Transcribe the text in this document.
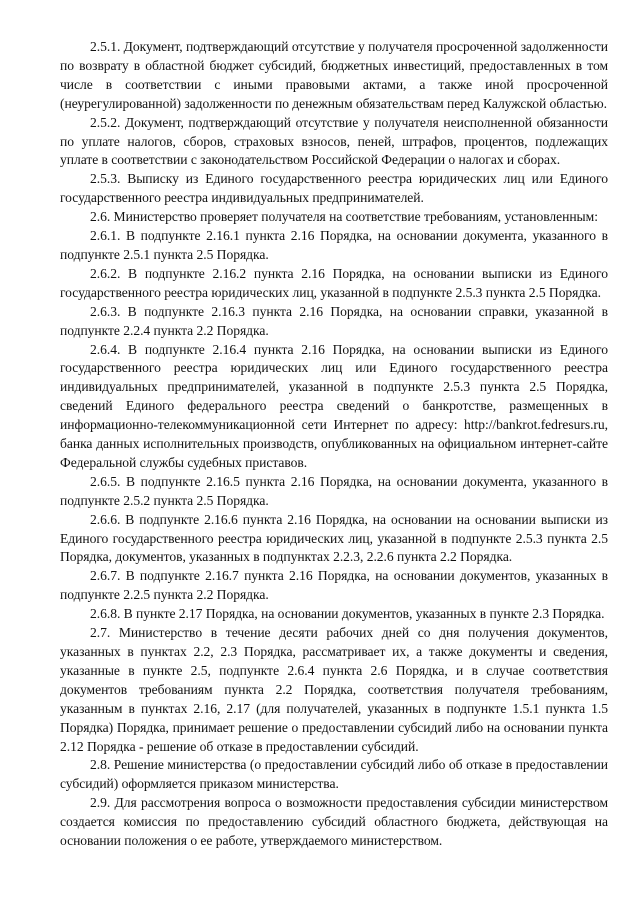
2.5.1. Документ, подтверждающий отсутствие у получателя просроченной задолженности по возврату в областной бюджет субсидий, бюджетных инвестиций, предоставленных в том числе в соответствии с иными правовыми актами, а также иной просроченной (неурегулированной) задолженности по денежным обязательствам перед Калужской областью.

2.5.2. Документ, подтверждающий отсутствие у получателя неисполненной обязанности по уплате налогов, сборов, страховых взносов, пеней, штрафов, процентов, подлежащих уплате в соответствии с законодательством Российской Федерации о налогах и сборах.

2.5.3. Выписку из Единого государственного реестра юридических лиц или Единого государственного реестра индивидуальных предпринимателей.

2.6. Министерство проверяет получателя на соответствие требованиям, установленным:

2.6.1. В подпункте 2.16.1 пункта 2.16 Порядка, на основании документа, указанного в подпункте 2.5.1 пункта 2.5 Порядка.

2.6.2. В подпункте 2.16.2 пункта 2.16 Порядка, на основании выписки из Единого государственного реестра юридических лиц, указанной в подпункте 2.5.3 пункта 2.5 Порядка.

2.6.3. В подпункте 2.16.3 пункта 2.16 Порядка, на основании справки, указанной в подпункте 2.2.4 пункта 2.2 Порядка.

2.6.4. В подпункте 2.16.4 пункта 2.16 Порядка, на основании выписки из Единого государственного реестра юридических лиц или Единого государственного реестра индивидуальных предпринимателей, указанной в подпункте 2.5.3 пункта 2.5 Порядка, сведений Единого федерального реестра сведений о банкротстве, размещенных в информационно-телекоммуникационной сети Интернет по адресу: http://bankrot.fedresurs.ru, банка данных исполнительных производств, опубликованных на официальном интернет-сайте Федеральной службы судебных приставов.

2.6.5. В подпункте 2.16.5 пункта 2.16 Порядка, на основании документа, указанного в подпункте 2.5.2 пункта 2.5 Порядка.

2.6.6. В подпункте 2.16.6 пункта 2.16 Порядка, на основании на основании выписки из Единого государственного реестра юридических лиц, указанной в подпункте 2.5.3 пункта 2.5 Порядка, документов, указанных в подпунктах 2.2.3, 2.2.6 пункта 2.2 Порядка.

2.6.7. В подпункте 2.16.7 пункта 2.16 Порядка, на основании документов, указанных в подпункте 2.2.5 пункта 2.2 Порядка.

2.6.8. В пункте 2.17 Порядка, на основании документов, указанных в пункте 2.3 Порядка.

2.7. Министерство в течение десяти рабочих дней со дня получения документов, указанных в пунктах 2.2, 2.3 Порядка, рассматривает их, а также документы и сведения, указанные в пункте 2.5, подпункте 2.6.4 пункта 2.6 Порядка, и в случае соответствия документов требованиям пункта 2.2 Порядка, соответствия получателя требованиям, указанным в пунктах 2.16, 2.17 (для получателей, указанных в подпункте 1.5.1 пункта 1.5 Порядка) Порядка, принимает решение о предоставлении субсидий либо на основании пункта 2.12 Порядка - решение об отказе в предоставлении субсидий.

2.8. Решение министерства (о предоставлении субсидий либо об отказе в предоставлении субсидий) оформляется приказом министерства.

2.9. Для рассмотрения вопроса о возможности предоставления субсидии министерством создается комиссия по предоставлению субсидий областного бюджета, действующая на основании положения о ее работе, утверждаемого министерством.
